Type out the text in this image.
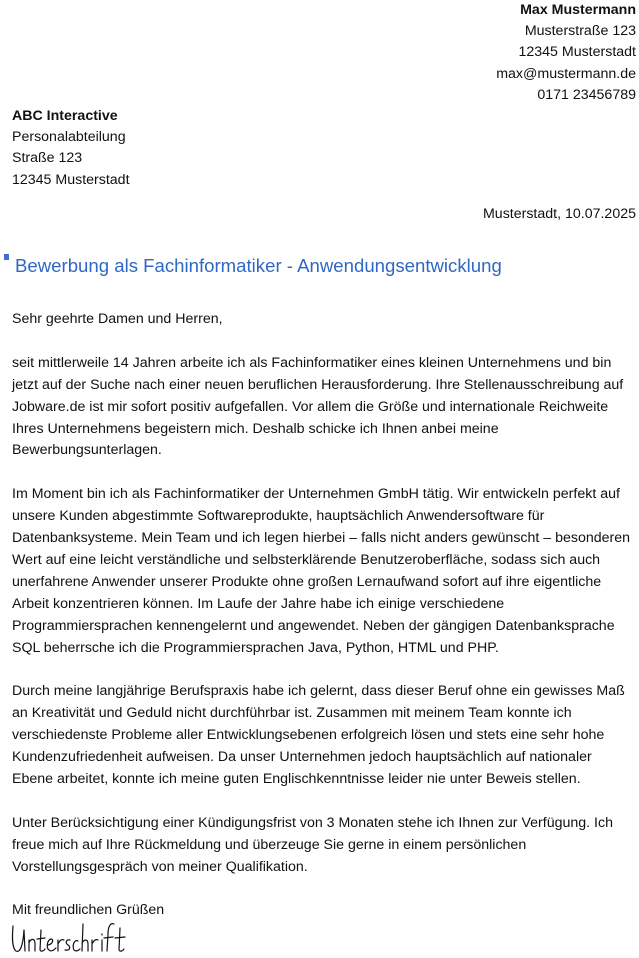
Max Mustermann
Musterstraße 123
12345 Musterstadt
max@mustermann.de
0171 23456789
ABC Interactive
Personalabteilung
Straße 123
12345 Musterstadt
Musterstadt, 10.07.2025
Bewerbung als Fachinformatiker - Anwendungsentwicklung

Sehr geehrte Damen und Herren,

seit mittlerweile 14 Jahren arbeite ich als Fachinformatiker eines kleinen Unternehmens und bin jetzt auf der Suche nach einer neuen beruflichen Herausforderung. Ihre Stellenausschreibung auf Jobware.de ist mir sofort positiv aufgefallen. Vor allem die Größe und internationale Reichweite Ihres Unternehmens begeistern mich. Deshalb schicke ich Ihnen anbei meine Bewerbungsunterlagen.

Im Moment bin ich als Fachinformatiker der Unternehmen GmbH tätig. Wir entwickeln perfekt auf unsere Kunden abgestimmte Softwareprodukte, hauptsächlich Anwendersoftware für Datenbanksysteme. Mein Team und ich legen hierbei – falls nicht anders gewünscht – besonderen Wert auf eine leicht verständliche und selbsterklärende Benutzeroberfläche, sodass sich auch unerfahrene Anwender unserer Produkte ohne großen Lernaufwand sofort auf ihre eigentliche Arbeit konzentrieren können. Im Laufe der Jahre habe ich einige verschiedene Programmiersprachen kennengelernt und angewendet. Neben der gängigen Datenbanksprache SQL beherrsche ich die Programmiersprachen Java, Python, HTML und PHP.

Durch meine langjährige Berufspraxis habe ich gelernt, dass dieser Beruf ohne ein gewisses Maß an Kreativität und Geduld nicht durchführbar ist. Zusammen mit meinem Team konnte ich verschiedenste Probleme aller Entwicklungsebenen erfolgreich lösen und stets eine sehr hohe Kundenzufriedenheit aufweisen. Da unser Unternehmen jedoch hauptsächlich auf nationaler Ebene arbeitet, konnte ich meine guten Englischkenntnisse leider nie unter Beweis stellen.

Unter Berücksichtigung einer Kündigungsfrist von 3 Monaten stehe ich Ihnen zur Verfügung. Ich freue mich auf Ihre Rückmeldung und überzeuge Sie gerne in einem persönlichen Vorstellungsgespräch von meiner Qualifikation.

Mit freundlichen Grüßen
